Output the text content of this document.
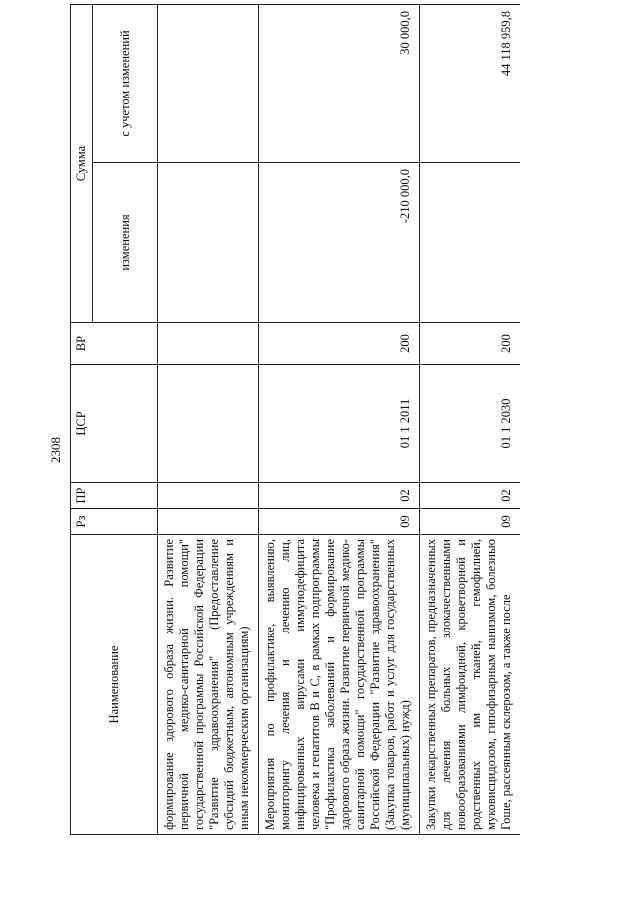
2308
Наименование	Рз	ПР	ЦСР	ВР	Сумма	
					изменения	с учетом изменений
формирование здорового образа жизни. Развитие первичной медико-санитарной помощи" государственной программы Российской Федерации "Развитие здравоохранения" (Предоставление субсидий бюджетным, автономным учреждениям и иным некоммерческим организациям)						
Мероприятия по профилактике, выявлению, мониторингу лечения и лечению лиц, инфицированных вирусами иммунодефицита человека и гепатитов B и C, в рамках подпрограммы "Профилактика заболеваний и формирование здорового образа жизни. Развитие первичной медико-санитарной помощи" государственной программы Российской Федерации "Развитие здравоохранения" (Закупка товаров, работ и услуг для государственных (муниципальных) нужд)	09	02	01 1 2011	200	-210 000,0	30 000,0
Закупки лекарственных препаратов, предназначенных для лечения больных злокачественными новообразованиями лимфоидной, кроветворной и родственных им тканей, гемофилией, муковисцидозом, гипофизарным нанизмом, болезнью Гоше, рассеянным склерозом, а также после	09	02	01 1 2030	200		44 118 959,8
